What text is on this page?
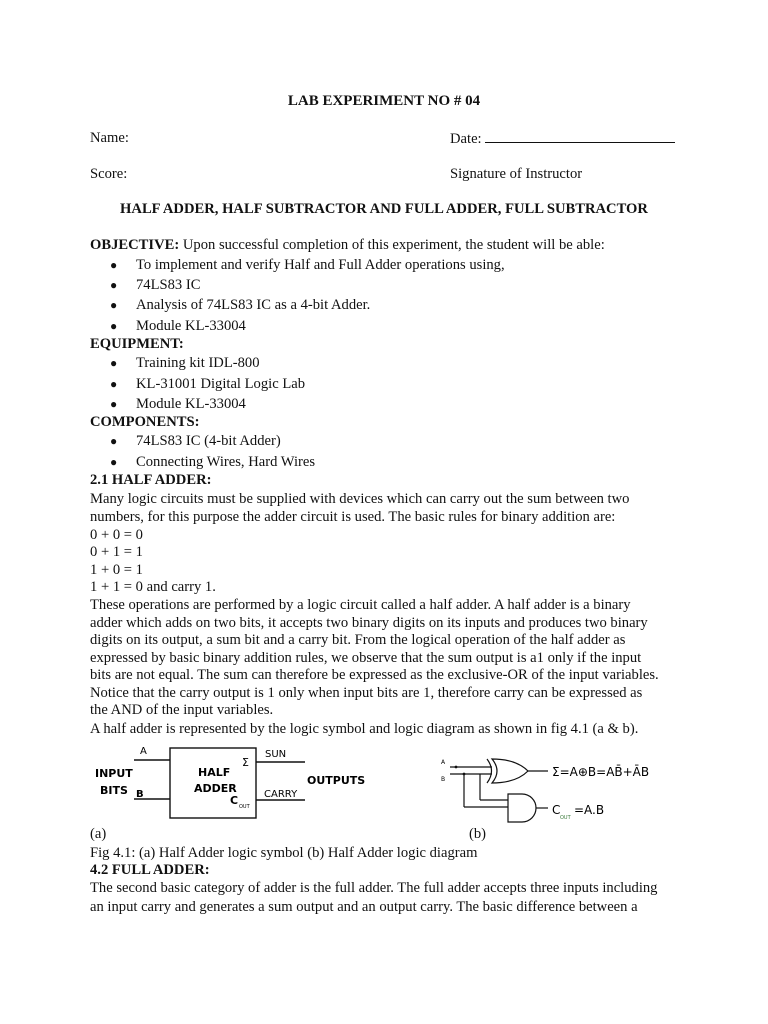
LAB EXPERIMENT NO # 04
Name:	Date:
Score:	Signature of Instructor
HALF ADDER, HALF SUBTRACTOR AND FULL ADDER, FULL SUBTRACTOR
OBJECTIVE: Upon successful completion of this experiment, the student will be able:
● To implement and verify Half and Full Adder operations using,
● 74LS83 IC
● Analysis of 74LS83 IC as a 4-bit Adder.
● Module KL-33004
EQUIPMENT:
● Training kit IDL-800
● KL-31001 Digital Logic Lab
● Module KL-33004
COMPONENTS:
● 74LS83 IC (4-bit Adder)
● Connecting Wires, Hard Wires
2.1 HALF ADDER:
Many logic circuits must be supplied with devices which can carry out the sum between two
numbers, for this purpose the adder circuit is used. The basic rules for binary addition are:
0 + 0 = 0
0 + 1 = 1
1 + 0 = 1
1 + 1 = 0 and carry 1.
These operations are performed by a logic circuit called a half adder. A half adder is a binary
adder which adds on two bits, it accepts two binary digits on its inputs and produces two binary
digits on its output, a sum bit and a carry bit. From the logical operation of the half adder as
expressed by basic binary addition rules, we observe that the sum output is a1 only if the input
bits are not equal. The sum can therefore be expressed as the exclusive-OR of the input variables.
Notice that the carry output is 1 only when input bits are 1, therefore carry can be expressed as
the AND of the input variables.
A half adder is represented by the logic symbol and logic diagram as shown in fig 4.1 (a & b).
INPUT
BITS
A
B
HALF
ADDER
Σ
C OUT
SUN
CARRY
OUTPUTS
A
B
Σ=A⊕B=AB̄+ĀB
C
OUT
=A.B
(a)	(b)
Fig 4.1: (a) Half Adder logic symbol (b) Half Adder logic diagram
4.2 FULL ADDER:
The second basic category of adder is the full adder. The full adder accepts three inputs including
an input carry and generates a sum output and an output carry. The basic difference between a
